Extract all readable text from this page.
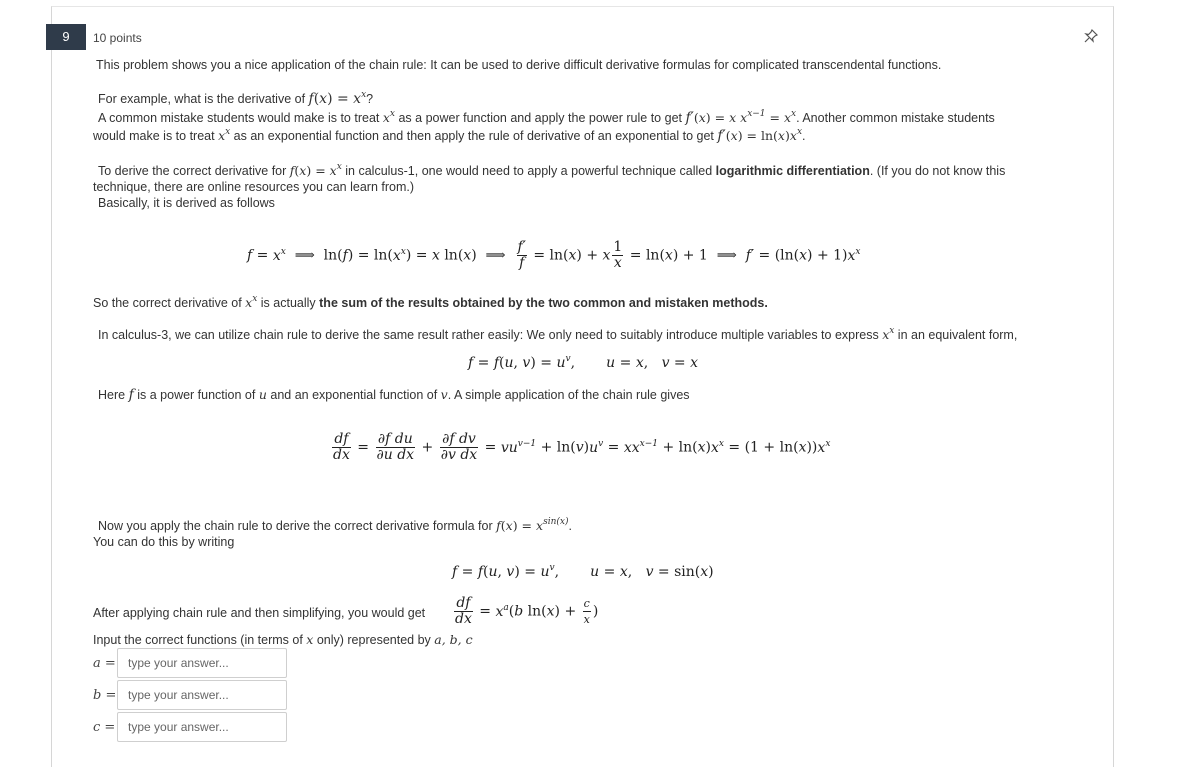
9	10 points
This problem shows you a nice application of the chain rule: It can be used to derive difficult derivative formulas for complicated transcendental functions.
For example, what is the derivative of $f(x) = x^x$?
A common mistake students would make is to treat $x^x$ as a power function and apply the power rule to get f′(x) = x $x^{x-1} = x^x$. Another common mistake students
would make is to treat $x^x$ as an exponential function and then apply the rule of derivative of an exponential to get $f'(x) = \ln(x)x^x$.
To derive the correct derivative for $f(x) = x^x$ in calculus-1, one would need to apply a powerful technique called logarithmic differentiation. (If you do not know this
technique, there are online resources you can learn from.)
Basically, it is derived as follows
$f = x^x$  ⟹  $\ln(f) = \ln(x^x) = x$ ln(x)  ⟹ $\frac{f'}{f} = \ln(x) + x \frac{1}{x} = \ln(x) + 1$  ⟹  $f' = (\ln(x) + 1)x^x$
So the correct derivative of $x^x$ is actually the sum of the results obtained by the two common and mistaken methods.
In calculus-3, we can utilize chain rule to derive the same result rather easily: We only need to suitably introduce multiple variables to express $x^x$ in an equivalent form,
f = f(u, $v) = u^v$,       u = x,   v = x
Here f is a power function of u and an exponential function of v. A simple application of the chain rule gives
$\frac{df}{dx} = \frac{\text{∂f du}}{\text{∂u dx}} + \frac{\text{∂f dv}}{\text{∂v dx}} = vu^{v-1} + \ln(v)u^v = xx^{x-1} + \ln(x)x^x = (1 + \ln(x))x^x$
Now you apply the chain rule to derive the correct derivative formula for $f(x) = x^{sin(x)}$.
You can do this by writing
f = f(u, $v) = u^v$,       u = x,   v = sin(x)
After applying chain rule and then simplifying, you would get $\frac{df}{dx} = x^a(b$ $\ln(x) + \frac{c}{x}$ )
Input the correct functions (in terms of x only) represented by a, b, c
a =
type your answer...
b =
type your answer...
c =
type your answer...
